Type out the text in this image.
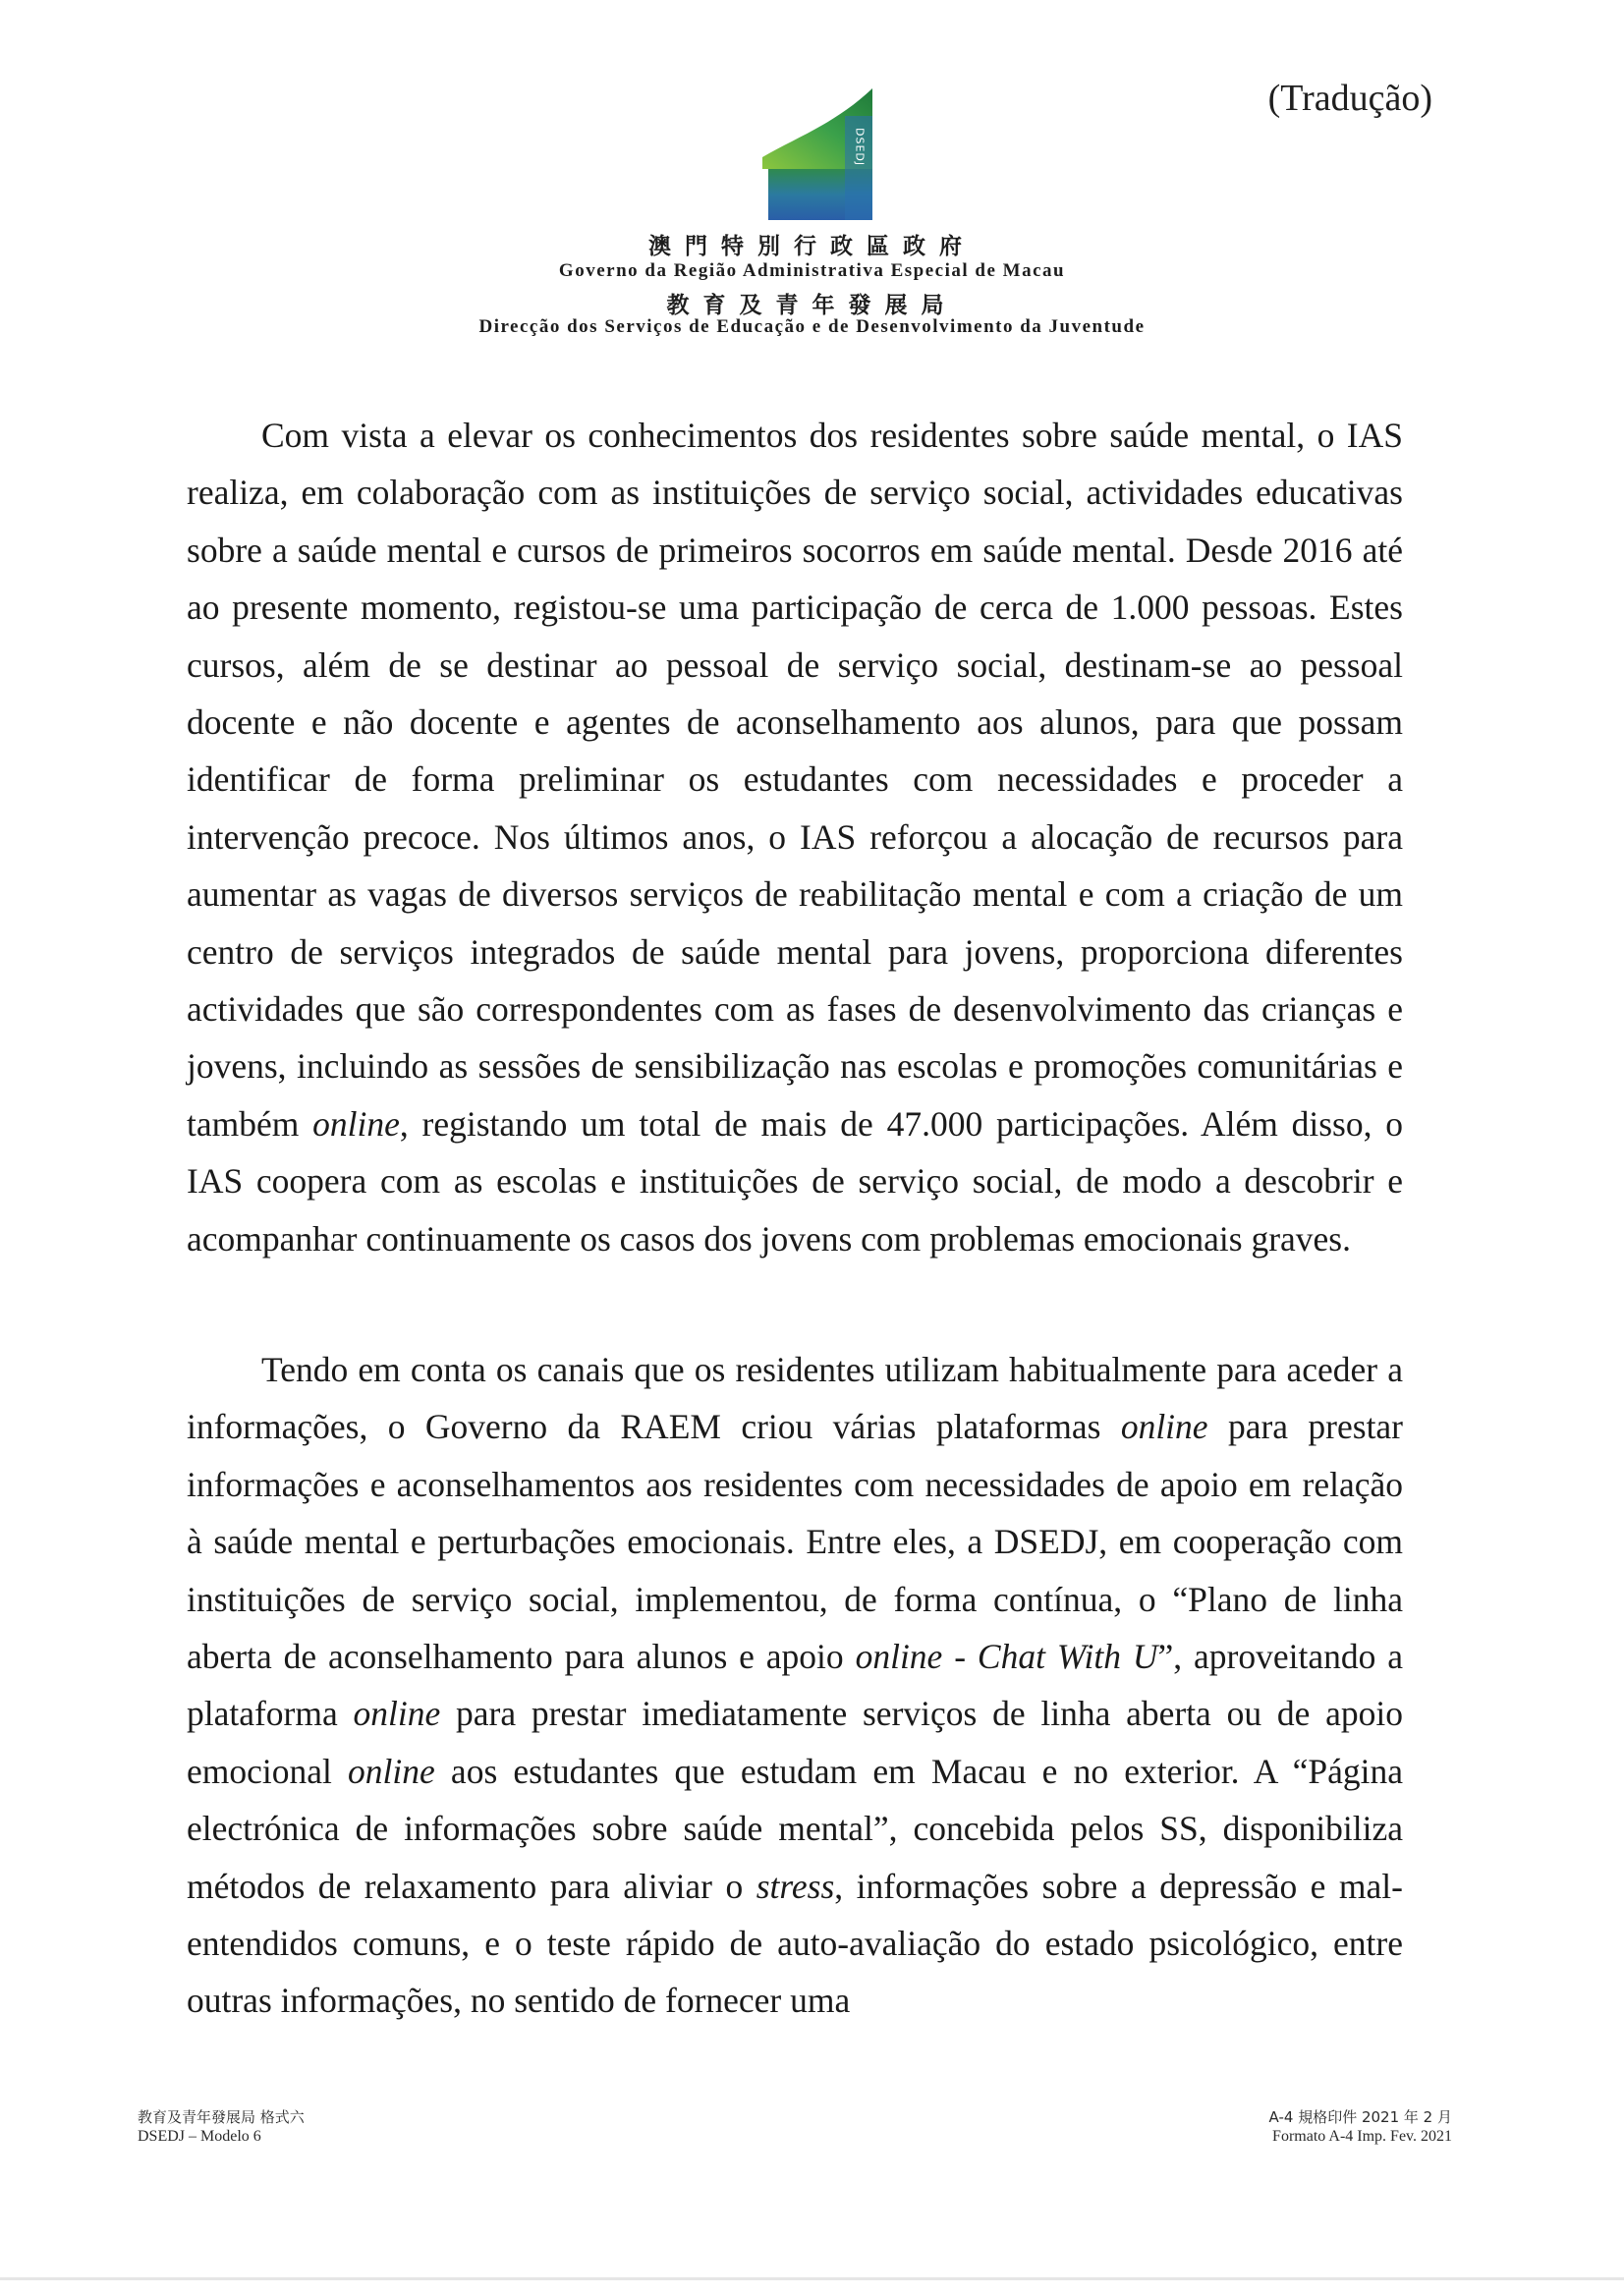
(Tradução)
DSEDJ
澳門特別行政區政府
Governo da Região Administrativa Especial de Macau
教育及青年發展局
Direcção dos Serviços de Educação e de Desenvolvimento da Juventude

Com vista a elevar os conhecimentos dos residentes sobre saúde mental, o IAS realiza, em colaboração com as instituições de serviço social, actividades educativas sobre a saúde mental e cursos de primeiros socorros em saúde mental. Desde 2016 até ao presente momento, registou-se uma participação de cerca de 1.000 pessoas. Estes cursos, além de se destinar ao pessoal de serviço social, destinam-se ao pessoal docente e não docente e agentes de aconselhamento aos alunos, para que possam identificar de forma preliminar os estudantes com necessidades e proceder a intervenção precoce. Nos últimos anos, o IAS reforçou a alocação de recursos para aumentar as vagas de diversos serviços de reabilitação mental e com a criação de um centro de serviços integrados de saúde mental para jovens, proporciona diferentes actividades que são correspondentes com as fases de desenvolvimento das crianças e jovens, incluindo as sessões de sensibilização nas escolas e promoções comunitárias e também online, registando um total de mais de 47.000 participações. Além disso, o IAS coopera com as escolas e instituições de serviço social, de modo a descobrir e acompanhar continuamente os casos dos jovens com problemas emocionais graves.

Tendo em conta os canais que os residentes utilizam habitualmente para aceder a informações, o Governo da RAEM criou várias plataformas online para prestar informações e aconselhamentos aos residentes com necessidades de apoio em relação à saúde mental e perturbações emocionais. Entre eles, a DSEDJ, em cooperação com instituições de serviço social, implementou, de forma contínua, o “Plano de linha aberta de aconselhamento para alunos e apoio online - Chat With U”, aproveitando a plataforma online para prestar imediatamente serviços de linha aberta ou de apoio emocional online aos estudantes que estudam em Macau e no exterior. A “Página electrónica de informações sobre saúde mental”, concebida pelos SS, disponibiliza métodos de relaxamento para aliviar o stress, informações sobre a depressão e mal-entendidos comuns, e o teste rápido de auto-avaliação do estado psicológico, entre outras informações, no sentido de fornecer uma

教育及青年發展局 格式六
DSEDJ – Modelo 6
A-4 規格印件 2021 年 2 月
Formato A-4 Imp. Fev. 2021
